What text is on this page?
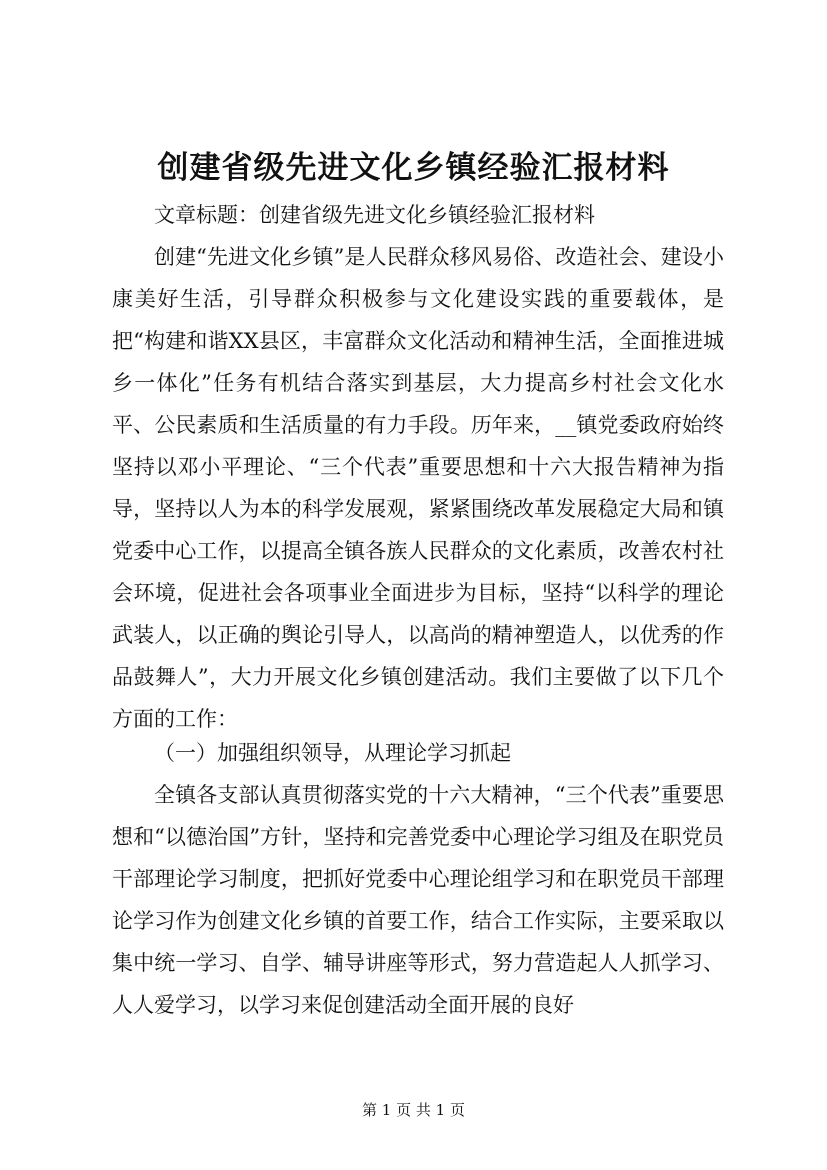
创建省级先进文化乡镇经验汇报材料

文章标题：创建省级先进文化乡镇经验汇报材料

创建“先进文化乡镇”是人民群众移风易俗、改造社会、建设小康美好生活，引导群众积极参与文化建设实践的重要载体，是把“构建和谐XX县区，丰富群众文化活动和精神生活，全面推进城乡一体化”任务有机结合落实到基层，大力提高乡村社会文化水平、公民素质和生活质量的有力手段。历年来，__镇党委政府始终坚持以邓小平理论、“三个代表”重要思想和十六大报告精神为指导，坚持以人为本的科学发展观，紧紧围绕改革发展稳定大局和镇党委中心工作，以提高全镇各族人民群众的文化素质，改善农村社会环境，促进社会各项事业全面进步为目标，坚持“以科学的理论武装人，以正确的舆论引导人，以高尚的精神塑造人，以优秀的作品鼓舞人”，大力开展文化乡镇创建活动。我们主要做了以下几个方面的工作：

（一）加强组织领导，从理论学习抓起

全镇各支部认真贯彻落实党的十六大精神，“三个代表”重要思想和“以德治国”方针，坚持和完善党委中心理论学习组及在职党员干部理论学习制度，把抓好党委中心理论组学习和在职党员干部理论学习作为创建文化乡镇的首要工作，结合工作实际，主要采取以集中统一学习、自学、辅导讲座等形式，努力营造起人人抓学习、人人爱学习，以学习来促创建活动全面开展的良好

第 1 页 共 1 页
